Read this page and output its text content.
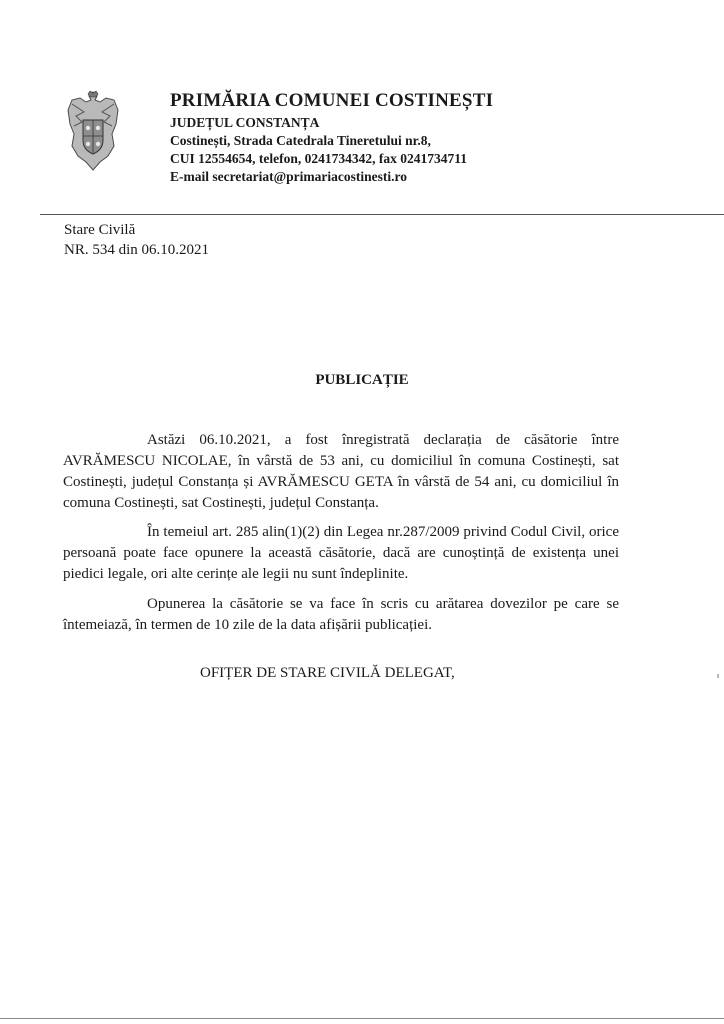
PRIMĂRIA COMUNEI COSTINEȘTI

JUDEȚUL CONSTANȚA

Costinești, Strada Catedrala Tineretului nr.8,

CUI 12554654, telefon, 0241734342, fax 0241734711

E-mail secretariat@primariacostinesti.ro

Stare Civilă
NR. 534 din 06.10.2021

PUBLICAȚIE

Astăzi 06.10.2021, a fost înregistrată declarația de căsătorie între AVRĂMESCU NICOLAE, în vârstă de 53 ani, cu domiciliul în comuna Costinești, sat Costinești, județul Constanța și AVRĂMESCU GETA în vârstă de 54 ani, cu domiciliul în comuna Costinești, sat Costinești, județul Constanța.

În temeiul art. 285 alin(1)(2) din Legea nr.287/2009 privind Codul Civil, orice persoană poate face opunere la această căsătorie, dacă are cunoștință de existența unei piedici legale, ori alte cerințe ale legii nu sunt îndeplinite.

Opunerea la căsătorie se va face în scris cu arătarea dovezilor pe care se întemeiază, în termen de 10 zile de la data afișării publicației.

OFIȚER DE STARE CIVILĂ DELEGAT,
